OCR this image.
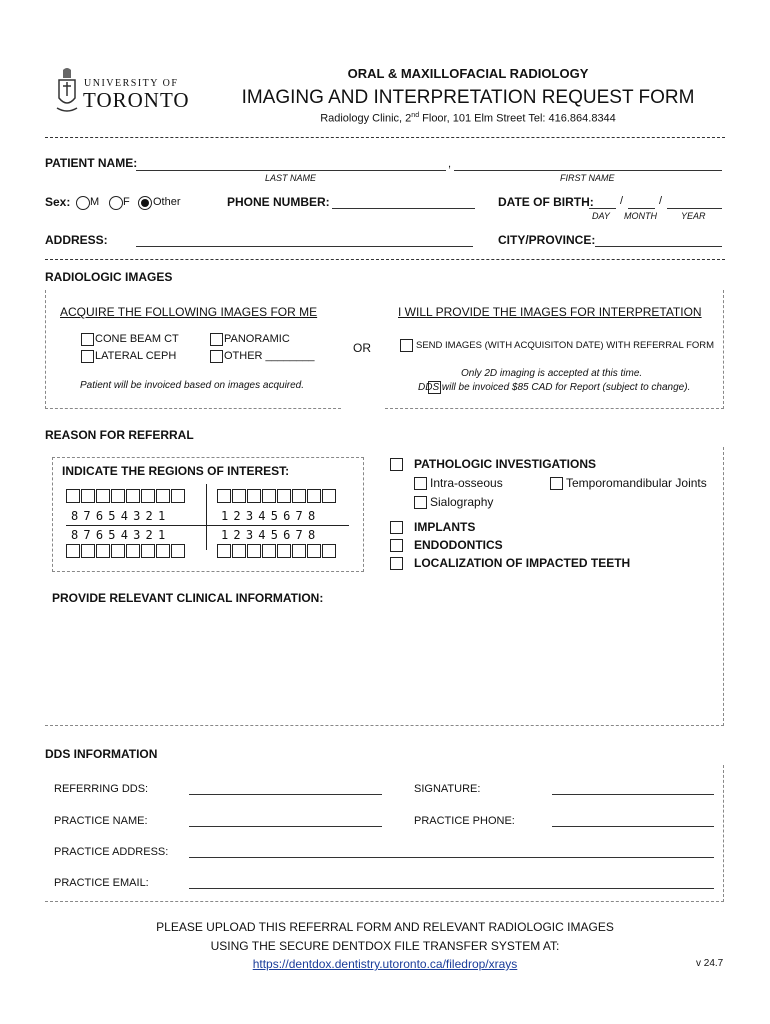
UNIVERSITY OF
TORONTO
ORAL & MAXILLOFACIAL RADIOLOGY
IMAGING AND INTERPRETATION REQUEST FORM
Radiology Clinic, 2nd Floor, 101 Elm Street Tel: 416.864.8344
PATIENT NAME:	,
LAST NAME	FIRST NAME
Sex: M F Other	PHONE NUMBER:	DATE OF BIRTH: /	/
DAY MONTH	YEAR
ADDRESS:	CITY/PROVINCE:
RADIOLOGIC IMAGES
ACQUIRE THE FOLLOWING IMAGES FOR ME
CONE BEAM CT	PANORAMIC
LATERAL CEPH	OTHER ________
Patient will be invoiced based on images acquired.
OR
I WILL PROVIDE THE IMAGES FOR INTERPRETATION
SEND IMAGES (WITH ACQUISITON DATE) WITH REFERRAL FORM
Only 2D imaging is accepted at this time.
DDS will be invoiced $85 CAD for Report (subject to change).
REASON FOR REFERRAL
INDICATE THE REGIONS OF INTEREST:
87654321	12345678
87654321	12345678
PATHOLOGIC INVESTIGATIONS
Intra-osseous	Temporomandibular Joints
Sialography
IMPLANTS
ENDODONTICS
LOCALIZATION OF IMPACTED TEETH
PROVIDE RELEVANT CLINICAL INFORMATION:
DDS INFORMATION
REFERRING DDS:	SIGNATURE:
PRACTICE NAME:	PRACTICE PHONE:
PRACTICE ADDRESS:
PRACTICE EMAIL:
PLEASE UPLOAD THIS REFERRAL FORM AND RELEVANT RADIOLOGIC IMAGES
USING THE SECURE DENTDOX FILE TRANSFER SYSTEM AT:
https://dentdox.dentistry.utoronto.ca/filedrop/xrays	v 24.7
